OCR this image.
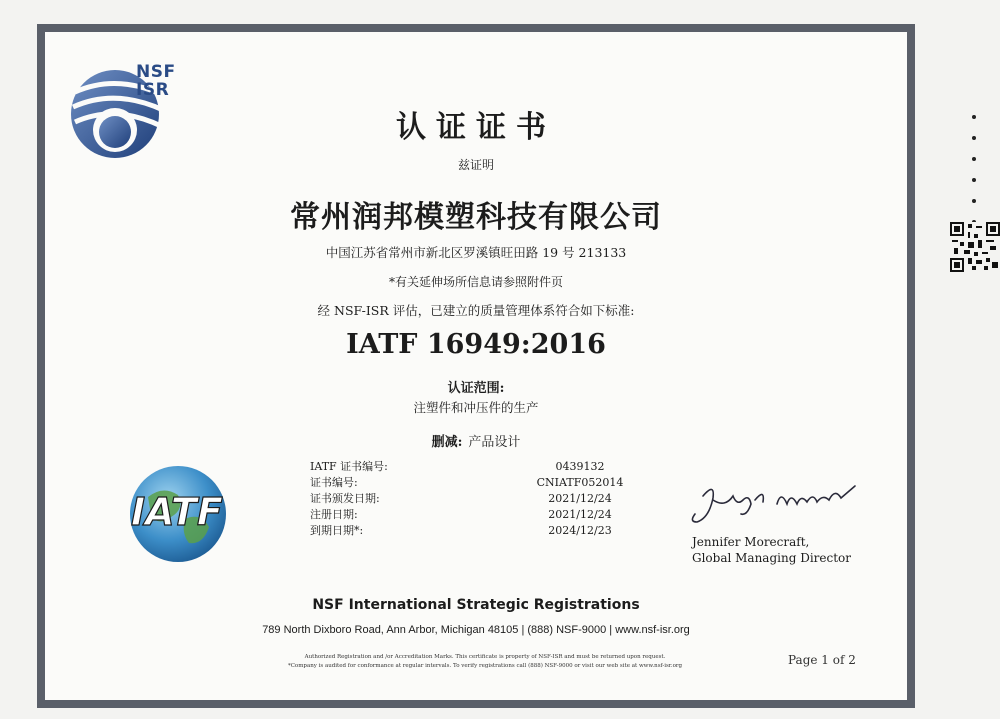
NSF
ISR
认证证书
兹证明
常州润邦模塑科技有限公司
中国江苏省常州市新北区罗溪镇旺田路 19 号 213133
*有关延伸场所信息请参照附件页
经 NSF-ISR 评估，已建立的质量管理体系符合如下标准:
IATF 16949:2016
认证范围:
注塑件和冲压件的生产
删减: 产品设计
IATF
IATF 证书编号:	0439132
证书编号:	CNIATF052014
证书颁发日期:	2021/12/24
注册日期:	2021/12/24
到期日期*:	2024/12/23
Jennifer Morecraft,
Global Managing Director
NSF International Strategic Registrations
789 North Dixboro Road, Ann Arbor, Michigan 48105 | (888) NSF-9000 | www.nsf-isr.org
Authorized Registration and /or Accreditation Marks. This certificate is property of NSF-ISR and must be returned upon request.
*Company is audited for conformance at regular intervals. To verify registrations call (888) NSF-9000 or visit our web site at www.nsf-isr.org	Page 1 of 2
